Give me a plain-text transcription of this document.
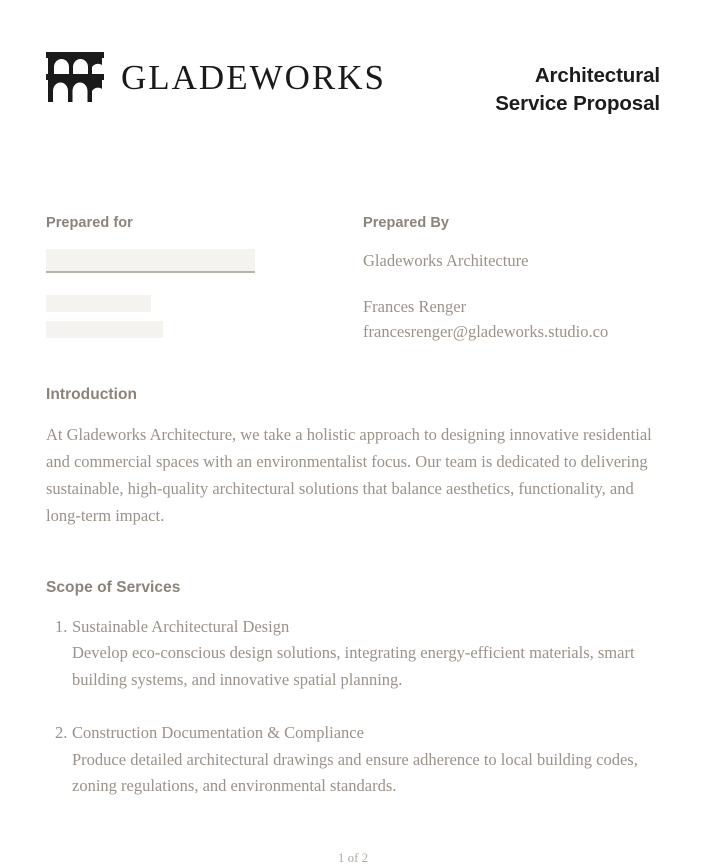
GLADEWORKS	Architectural
Service Proposal
Prepared for	Prepared By
Gladeworks Architecture
Frances Renger
francesrenger@gladeworks.studio.co
Introduction

At Gladeworks Architecture, we take a holistic approach to designing innovative residential and commercial spaces with an environmentalist focus. Our team is dedicated to delivering sustainable, high-quality architectural solutions that balance aesthetics, functionality, and long-term impact.

Scope of Services
1. Sustainable Architectural Design
Develop eco-conscious design solutions, integrating energy-efficient materials, smart building systems, and innovative spatial planning.
2. Construction Documentation & Compliance
Produce detailed architectural drawings and ensure adherence to local building codes, zoning regulations, and environmental standards.
1 of 2
